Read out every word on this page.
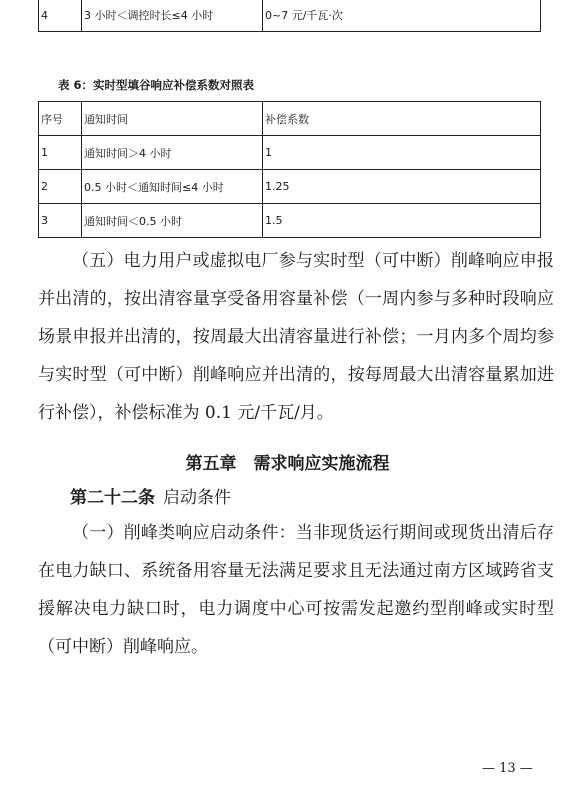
4	3 小时＜调控时长≤4 小时	0~7 元/千瓦·次
表 6：实时型填谷响应补偿系数对照表
序号	通知时间	补偿系数
1	通知时间＞4 小时	1
2	0.5 小时＜通知时间≤4 小时	1.25
3	通知时间＜0.5 小时	1.5

（五）电力用户或虚拟电厂参与实时型（可中断）削峰响应申报并出清的，按出清容量享受备用容量补偿（一周内参与多种时段响应场景申报并出清的，按周最大出清容量进行补偿；一月内多个周均参与实时型（可中断）削峰响应并出清的，按每周最大出清容量累加进行补偿），补偿标准为 0.1 元/千瓦/月。

第五章　需求响应实施流程
第二十二条 启动条件

（一）削峰类响应启动条件：当非现货运行期间或现货出清后存在电力缺口、系统备用容量无法满足要求且无法通过南方区域跨省支援解决电力缺口时，电力调度中心可按需发起邀约型削峰或实时型（可中断）削峰响应。

— 13 —
